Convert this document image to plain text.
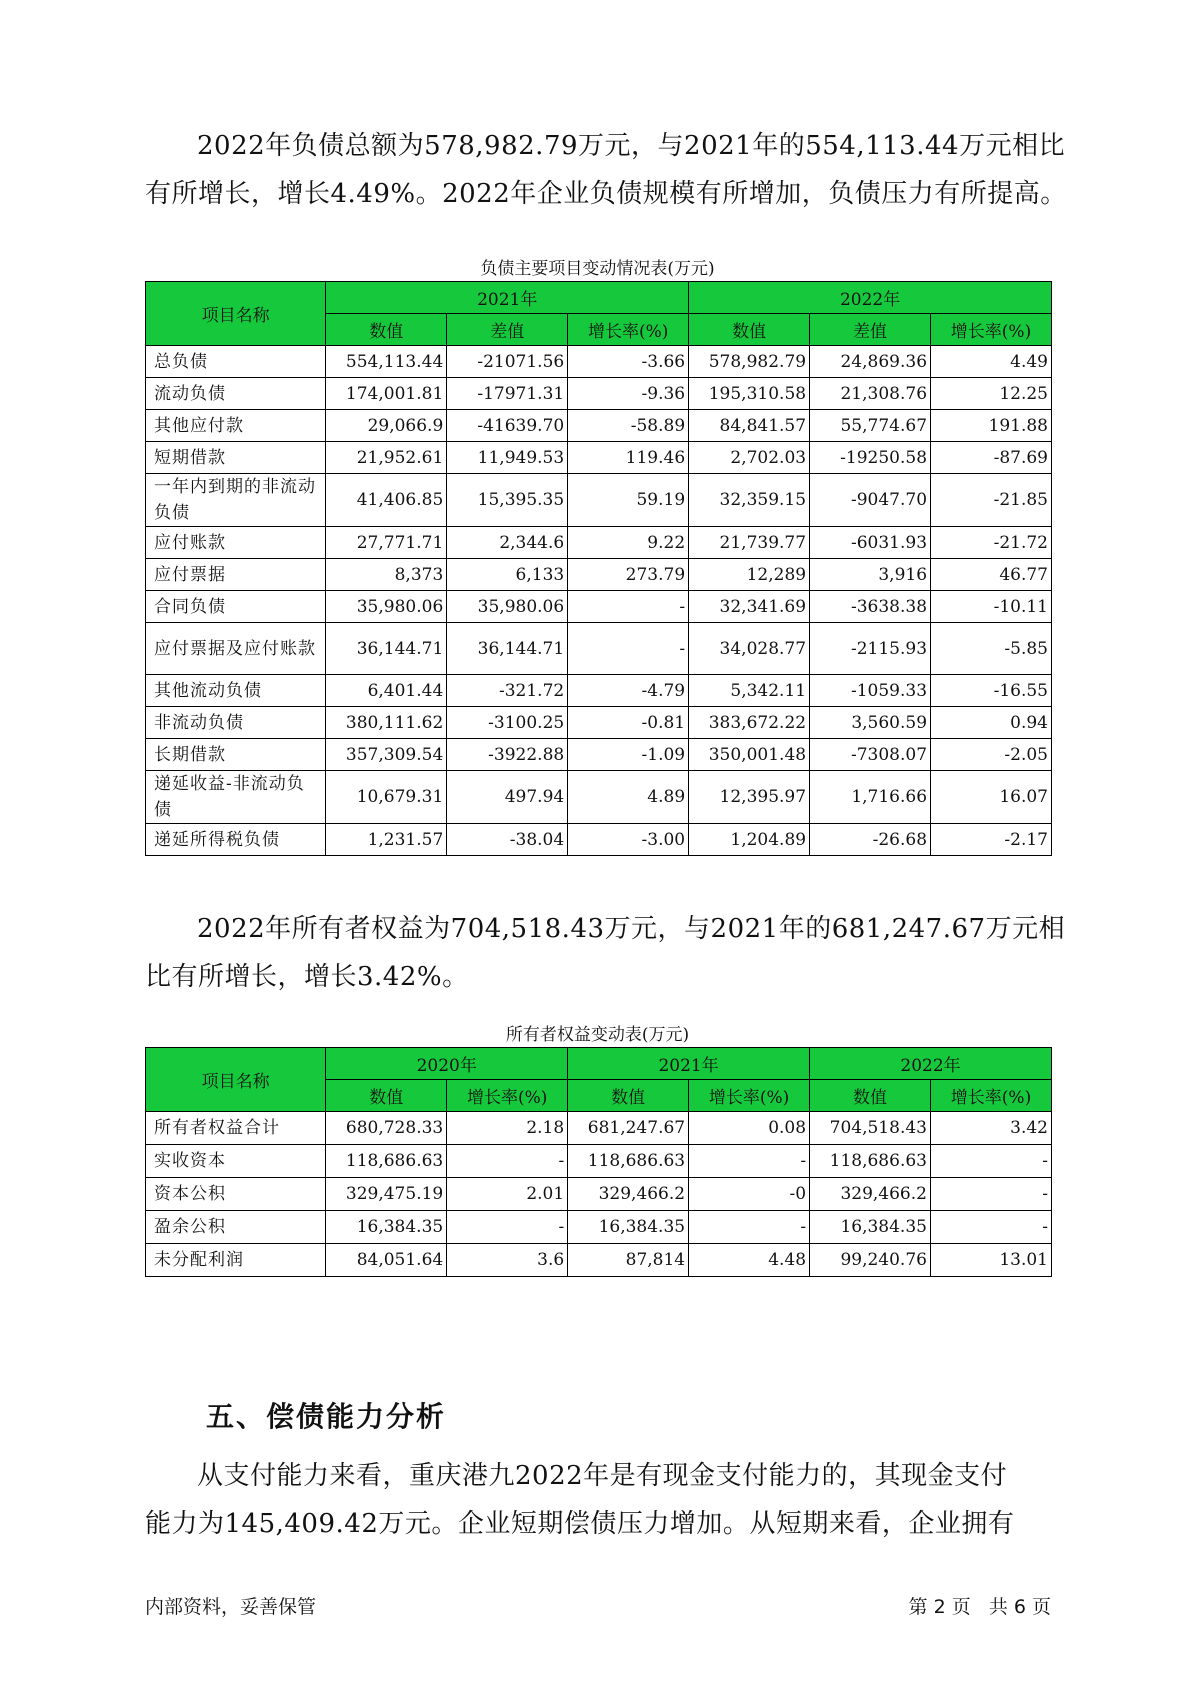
2022年负债总额为578,982.79万元，与2021年的554,113.44万元相比
有所增长，增长4.49%。2022年企业负债规模有所增加，负债压力有所提高。
负债主要项目变动情况表(万元)
项目名称	2021年			2022年		
	数值	差值	增长率(%)	数值	差值	增长率(%)
总负债	554,113.44	-21071.56	-3.66	578,982.79	24,869.36	4.49
流动负债	174,001.81	-17971.31	-9.36	195,310.58	21,308.76	12.25
其他应付款	29,066.9	-41639.70	-58.89	84,841.57	55,774.67	191.88
短期借款	21,952.61	11,949.53	119.46	2,702.03	-19250.58	-87.69
一年内到期的非流动负债	41,406.85	15,395.35	59.19	32,359.15	-9047.70	-21.85
应付账款	27,771.71	2,344.6	9.22	21,739.77	-6031.93	-21.72
应付票据	8,373	6,133	273.79	12,289	3,916	46.77
合同负债	35,980.06	35,980.06	-	32,341.69	-3638.38	-10.11
应付票据及应付账款	36,144.71	36,144.71	-	34,028.77	-2115.93	-5.85
其他流动负债	6,401.44	-321.72	-4.79	5,342.11	-1059.33	-16.55
非流动负债	380,111.62	-3100.25	-0.81	383,672.22	3,560.59	0.94
长期借款	357,309.54	-3922.88	-1.09	350,001.48	-7308.07	-2.05
递延收益-非流动负债	10,679.31	497.94	4.89	12,395.97	1,716.66	16.07
递延所得税负债	1,231.57	-38.04	-3.00	1,204.89	-26.68	-2.17
2022年所有者权益为704,518.43万元，与2021年的681,247.67万元相
比有所增长，增长3.42%。
所有者权益变动表(万元)
项目名称	2020年		2021年		2022年	
	数值	增长率(%)	数值	增长率(%)	数值	增长率(%)
所有者权益合计	680,728.33	2.18	681,247.67	0.08	704,518.43	3.42
实收资本	118,686.63	-	118,686.63	-	118,686.63	-
资本公积	329,475.19	2.01	329,466.2	-0	329,466.2	-
盈余公积	16,384.35	-	16,384.35	-	16,384.35	-
未分配利润	84,051.64	3.6	87,814	4.48	99,240.76	13.01
五、偿债能力分析
从支付能力来看，重庆港九2022年是有现金支付能力的，其现金支付
能力为145,409.42万元。企业短期偿债压力增加。从短期来看，企业拥有
内部资料，妥善保管	第 2 页   共 6 页
